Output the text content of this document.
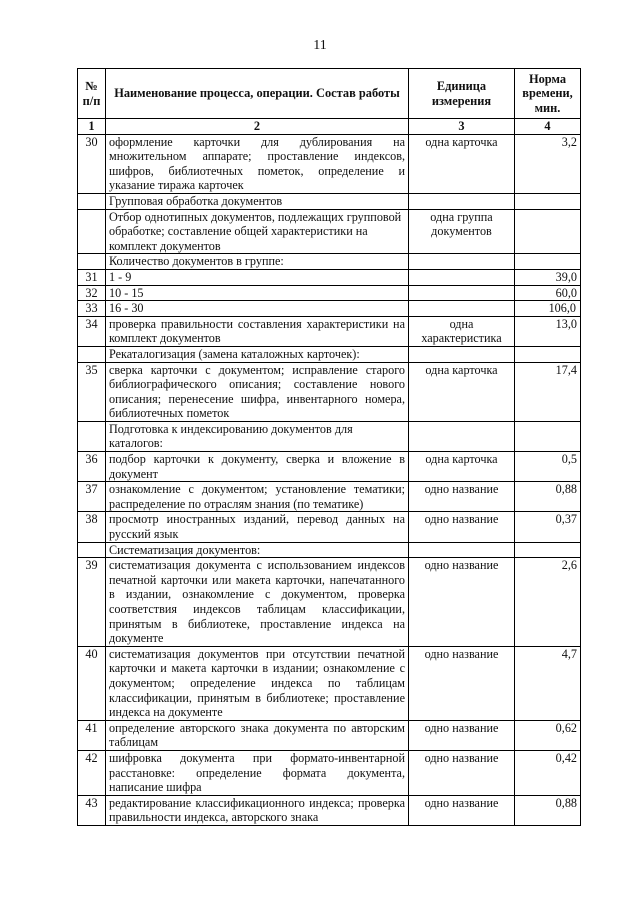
11
№ п/п	Наименование процесса, операции. Состав работы	Единица измерения	Норма времени, мин.
1	2	3	4
30	оформление карточки для дублирования на множительном аппарате; проставление индексов, шифров, библиотечных пометок, определение и указание тиража карточек	одна карточка	3,2
	Групповая обработка документов		
	Отбор однотипных документов, подлежащих групповой обработке; составление общей характеристики на комплект документов	одна группа документов	
	Количество документов в группе:		
31	1 - 9		39,0
32	10 - 15		60,0
33	16 - 30		106,0
34	проверка правильности составления характеристики на комплект документов	одна характеристика	13,0
	Рекаталогизация (замена каталожных карточек):		
35	сверка карточки с документом; исправление старого библиографического описания; составление нового описания; перенесение шифра, инвентарного номера, библиотечных пометок	одна карточка	17,4
	Подготовка к индексированию документов для каталогов:		
36	подбор карточки к документу, сверка и вложение в документ	одна карточка	0,5
37	ознакомление с документом; установление тематики; распределение по отраслям знания (по тематике)	одно название	0,88
38	просмотр иностранных изданий, перевод данных на русский язык	одно название	0,37
	Систематизация документов:		
39	систематизация документа с использованием индексов печатной карточки или макета карточки, напечатанного в издании, ознакомление с документом, проверка соответствия индексов таблицам классификации, принятым в библиотеке, проставление индекса на документе	одно название	2,6
40	систематизация документов при отсутствии печатной карточки и макета карточки в издании; ознакомление с документом; определение индекса по таблицам классификации, принятым в библиотеке; проставление индекса на документе	одно название	4,7
41	определение авторского знака документа по авторским таблицам	одно название	0,62
42	шифровка документа при формато-инвентарной расстановке: определение формата документа, написание шифра	одно название	0,42
43	редактирование классификационного индекса; проверка правильности индекса, авторского знака	одно название	0,88
